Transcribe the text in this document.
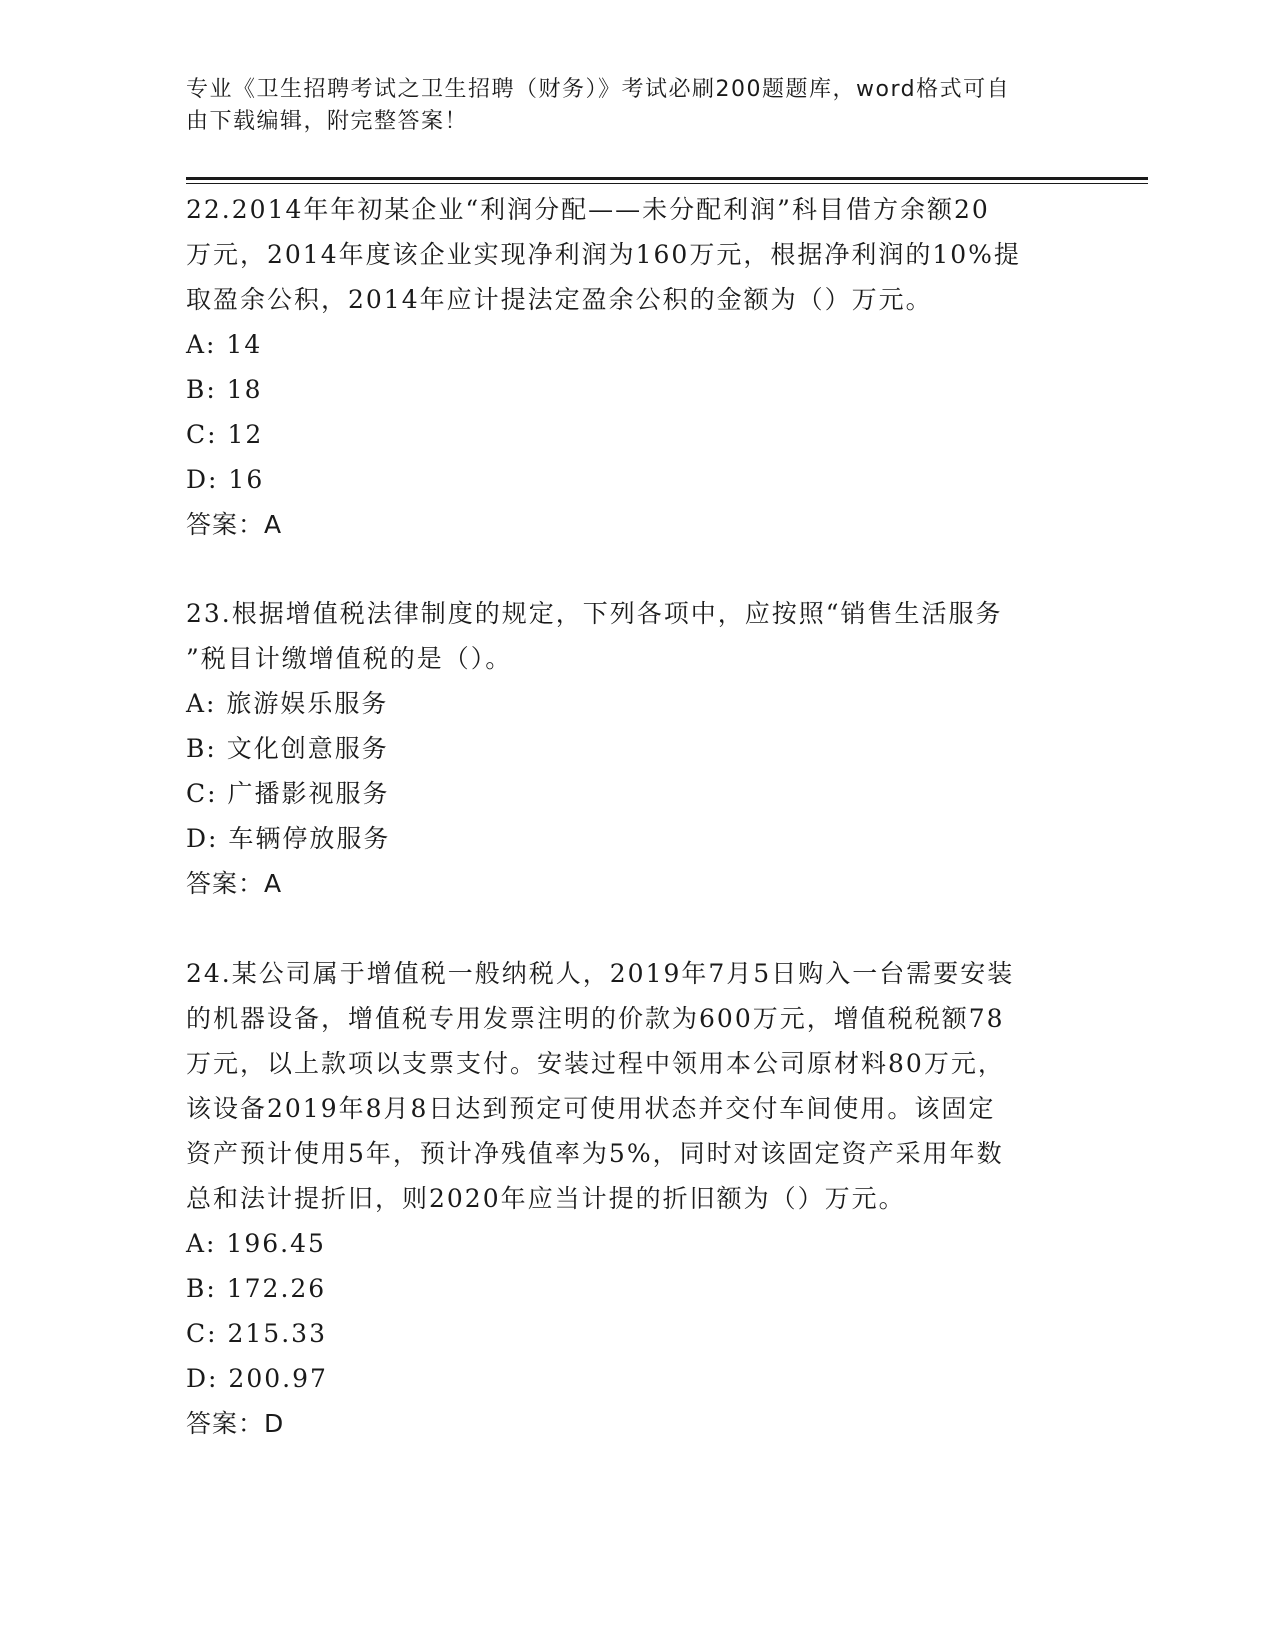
专业《卫生招聘考试之卫生招聘（财务）》考试必刷200题题库，word格式可自
由下载编辑，附完整答案！

22.2014年年初某企业“利润分配——未分配利润”科目借方余额20

万元，2014年度该企业实现净利润为160万元，根据净利润的10%提

取盈余公积，2014年应计提法定盈余公积的金额为（）万元。

A: 14

B: 18

C: 12

D: 16

答案：A

23.根据增值税法律制度的规定，下列各项中，应按照“销售生活服务

”税目计缴增值税的是（）。

A: 旅游娱乐服务

B: 文化创意服务

C: 广播影视服务

D: 车辆停放服务

答案：A

24.某公司属于增值税一般纳税人，2019年7月5日购入一台需要安装

的机器设备，增值税专用发票注明的价款为600万元，增值税税额78

万元，以上款项以支票支付。安装过程中领用本公司原材料80万元，

该设备2019年8月8日达到预定可使用状态并交付车间使用。该固定

资产预计使用5年，预计净残值率为5%，同时对该固定资产采用年数

总和法计提折旧，则2020年应当计提的折旧额为（）万元。

A: 196.45

B: 172.26

C: 215.33

D: 200.97

答案：D
